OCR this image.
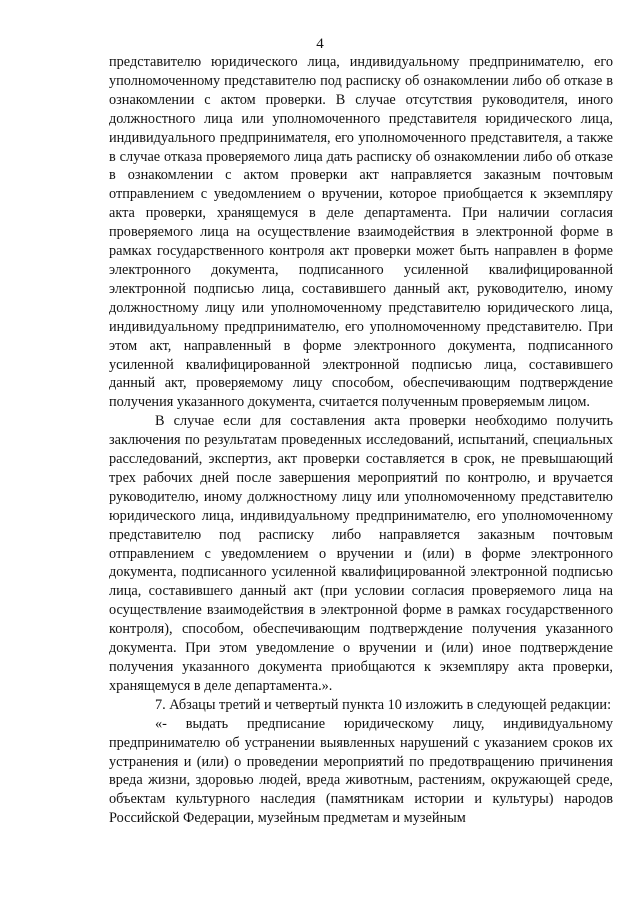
4

представителю юридического лица, индивидуальному предпринимателю, его уполномоченному представителю под расписку об ознакомлении либо об отказе в ознакомлении с актом проверки. В случае отсутствия руководителя, иного должностного лица или уполномоченного представителя юридического лица, индивидуального предпринимателя, его уполномоченного представителя, а также в случае отказа проверяемого лица дать расписку об ознакомлении либо об отказе в ознакомлении с актом проверки акт направляется заказным почтовым отправлением с уведомлением о вручении, которое приобщается к экземпляру акта проверки, хранящемуся в деле департамента. При наличии согласия проверяемого лица на осуществление взаимодействия в электронной форме в рамках государственного контроля акт проверки может быть направлен в форме электронного документа, подписанного усиленной квалифицированной электронной подписью лица, составившего данный акт, руководителю, иному должностному лицу или уполномоченному представителю юридического лица, индивидуальному предпринимателю, его уполномоченному представителю. При этом акт, направленный в форме электронного документа, подписанного усиленной квалифицированной электронной подписью лица, составившего данный акт, проверяемому лицу способом, обеспечивающим подтверждение получения указанного документа, считается полученным проверяемым лицом.

В случае если для составления акта проверки необходимо получить заключения по результатам проведенных исследований, испытаний, специальных расследований, экспертиз, акт проверки составляется в срок, не превышающий трех рабочих дней после завершения мероприятий по контролю, и вручается руководителю, иному должностному лицу или уполномоченному представителю юридического лица, индивидуальному предпринимателю, его уполномоченному представителю под расписку либо направляется заказным почтовым отправлением с уведомлением о вручении и (или) в форме электронного документа, подписанного усиленной квалифицированной электронной подписью лица, составившего данный акт (при условии согласия проверяемого лица на осуществление взаимодействия в электронной форме в рамках государственного контроля), способом, обеспечивающим подтверждение получения указанного документа. При этом уведомление о вручении и (или) иное подтверждение получения указанного документа приобщаются к экземпляру акта проверки, хранящемуся в деле департамента.».

7. Абзацы третий и четвертый пункта 10 изложить в следующей редакции:

«- выдать предписание юридическому лицу, индивидуальному предпринимателю об устранении выявленных нарушений с указанием сроков их устранения и (или) о проведении мероприятий по предотвращению причинения вреда жизни, здоровью людей, вреда животным, растениям, окружающей среде, объектам культурного наследия (памятникам истории и культуры) народов Российской Федерации, музейным предметам и музейным
